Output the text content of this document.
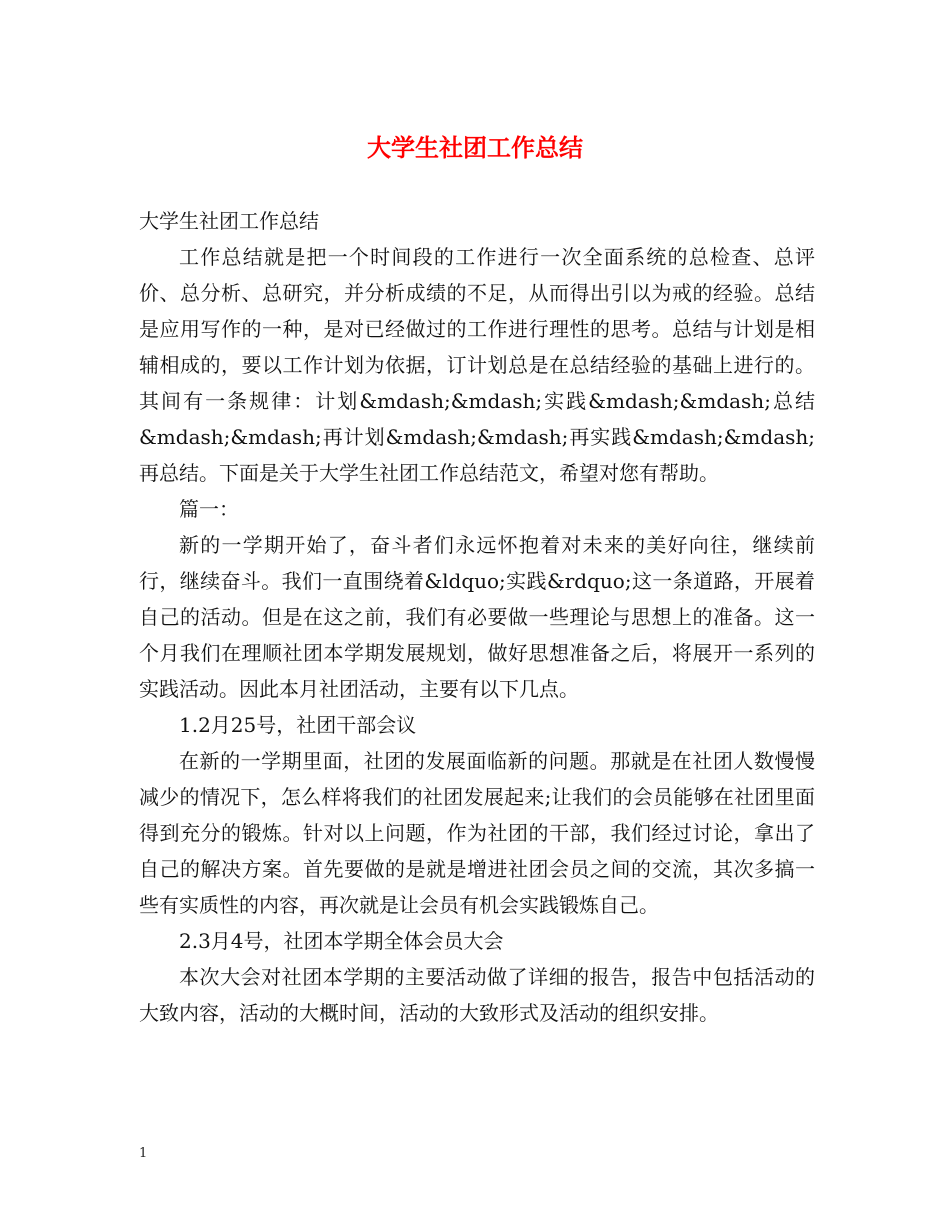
大学生社团工作总结

大学生社团工作总结

工作总结就是把一个时间段的工作进行一次全面系统的总检查、总评价、总分析、总研究，并分析成绩的不足，从而得出引以为戒的经验。总结是应用写作的一种，是对已经做过的工作进行理性的思考。总结与计划是相辅相成的，要以工作计划为依据，订计划总是在总结经验的基础上进行的。其间有一条规律：计划&mdash;&mdash;实践&mdash;&mdash;总结&mdash;&mdash;再计划&mdash;&mdash;再实践&mdash;&mdash;再总结。下面是关于大学生社团工作总结范文，希望对您有帮助。

篇一：

新的一学期开始了，奋斗者们永远怀抱着对未来的美好向往，继续前行，继续奋斗。我们一直围绕着&ldquo;实践&rdquo;这一条道路，开展着自己的活动。但是在这之前，我们有必要做一些理论与思想上的准备。这一个月我们在理顺社团本学期发展规划，做好思想准备之后，将展开一系列的实践活动。因此本月社团活动，主要有以下几点。

1.2月25号，社团干部会议

在新的一学期里面，社团的发展面临新的问题。那就是在社团人数慢慢减少的情况下，怎么样将我们的社团发展起来;让我们的会员能够在社团里面得到充分的锻炼。针对以上问题，作为社团的干部，我们经过讨论，拿出了自己的解决方案。首先要做的是就是增进社团会员之间的交流，其次多搞一些有实质性的内容，再次就是让会员有机会实践锻炼自己。

2.3月4号，社团本学期全体会员大会

本次大会对社团本学期的主要活动做了详细的报告，报告中包括活动的大致内容，活动的大概时间，活动的大致形式及活动的组织安排。

1
